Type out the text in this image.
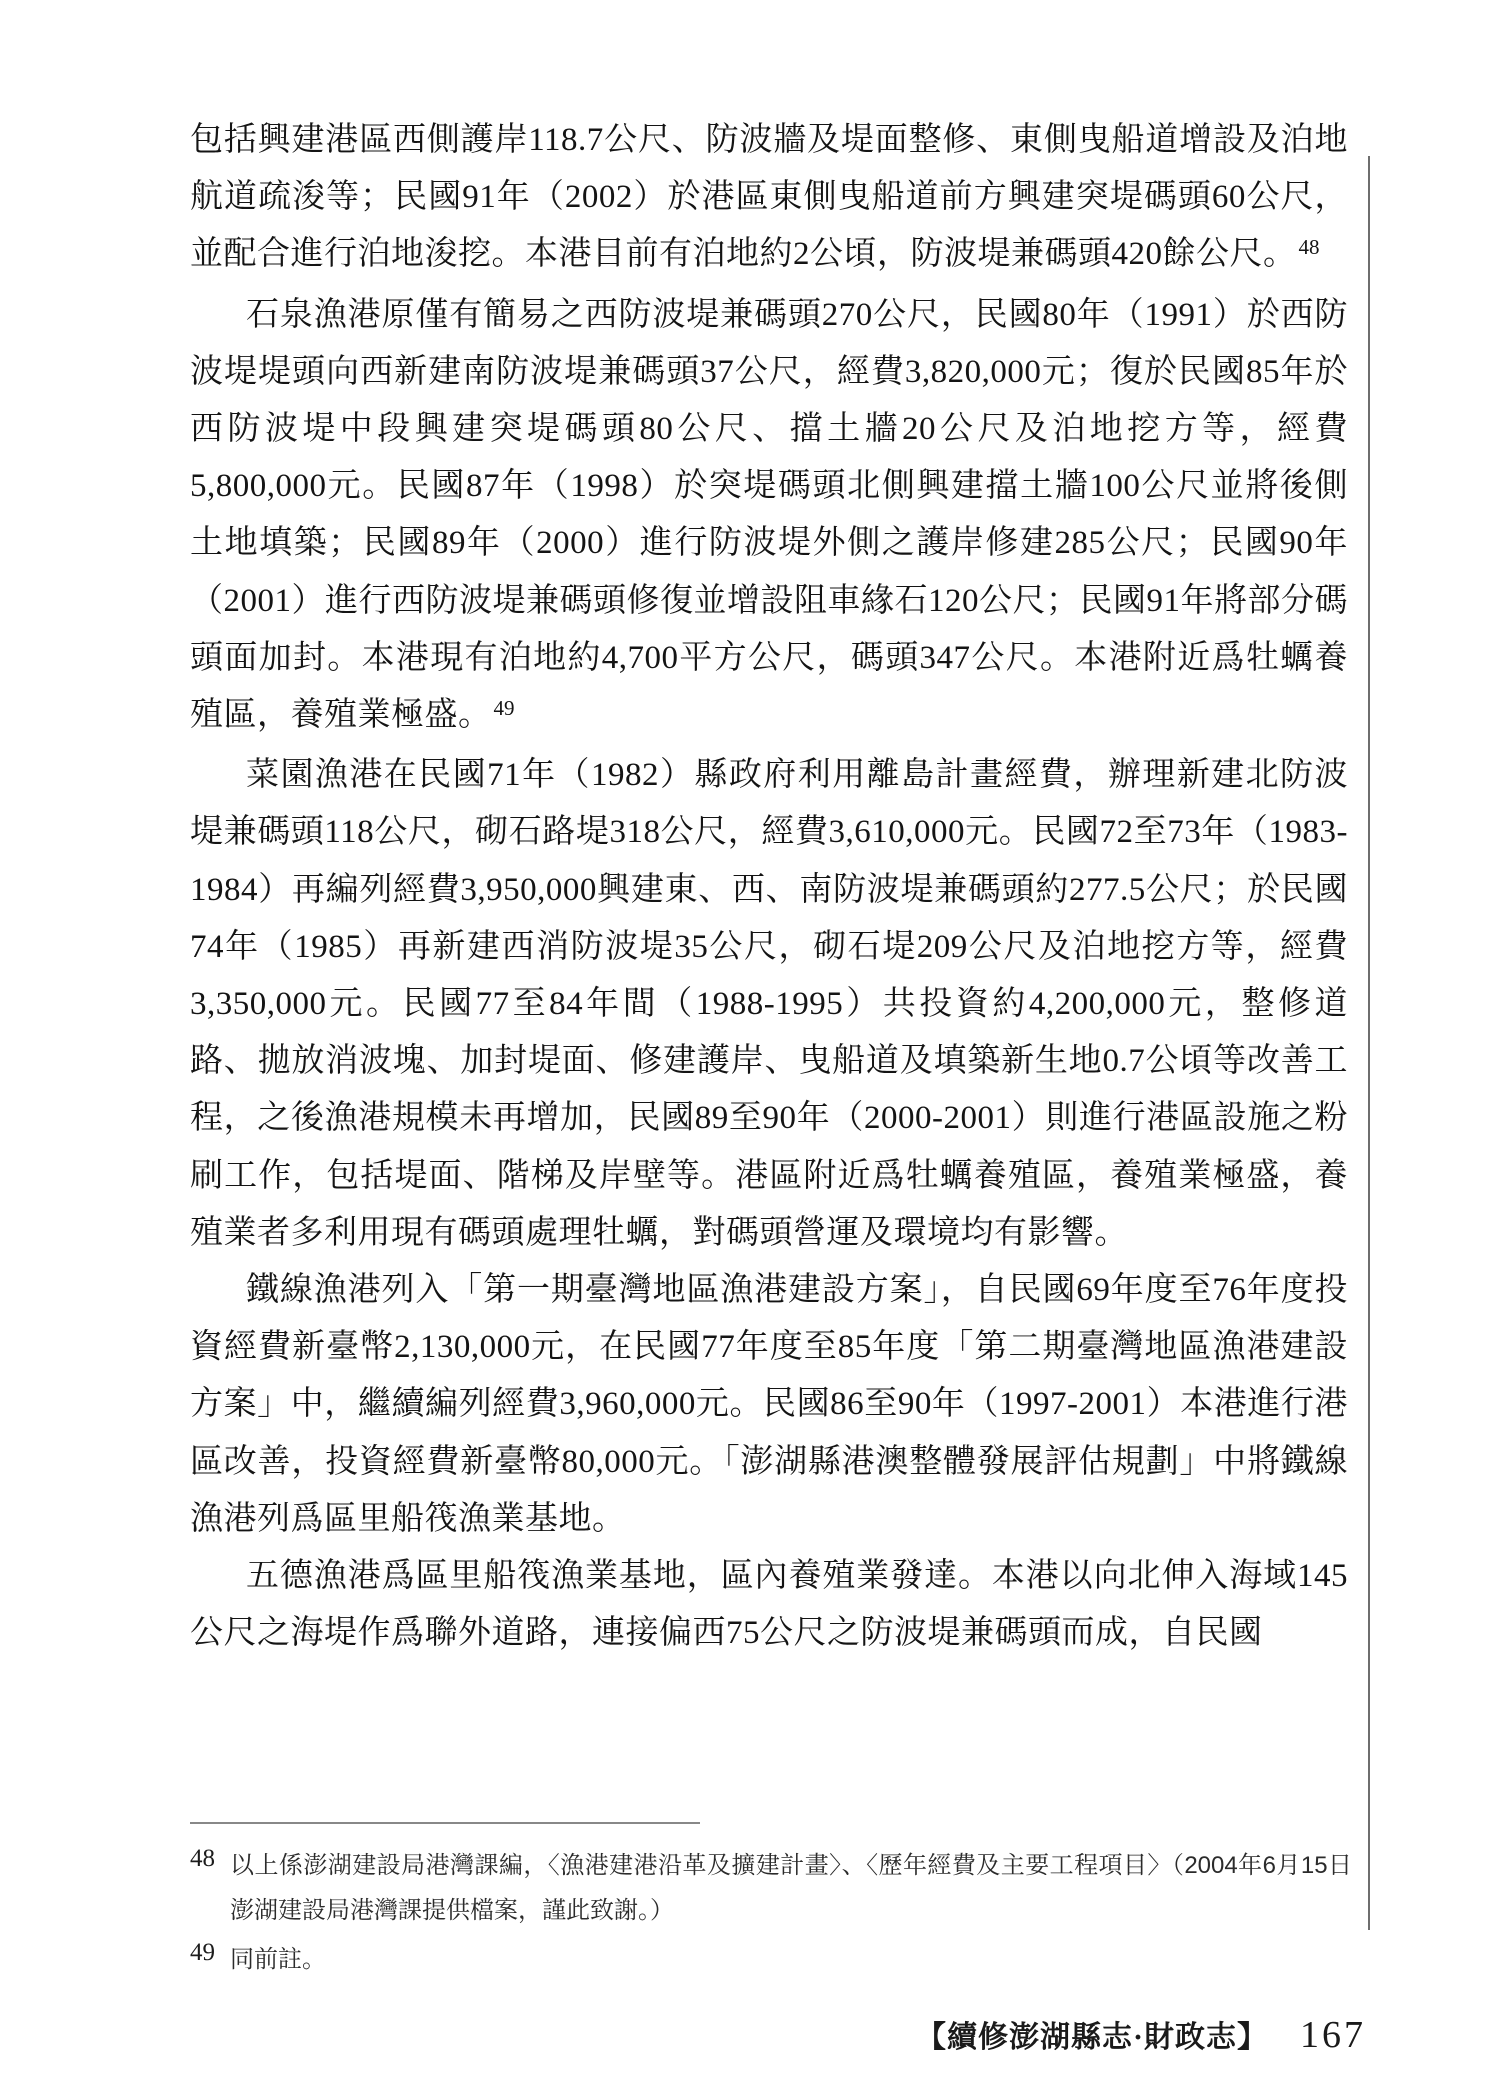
包括興建港區西側護岸118.7公尺、防波牆及堤面整修、東側曳船道增設及泊地航道疏浚等；民國91年（2002）於港區東側曳船道前方興建突堤碼頭60公尺，並配合進行泊地浚挖。本港目前有泊地約2公頃，防波堤兼碼頭420餘公尺。$^{48}$

石泉漁港原僅有簡易之西防波堤兼碼頭270公尺，民國80年（1991）於西防波堤堤頭向西新建南防波堤兼碼頭37公尺，經費3,820,000元；復於民國85年於西防波堤中段興建突堤碼頭80公尺、擋土牆20公尺及泊地挖方等，經費5,800,000元。民國87年（1998）於突堤碼頭北側興建擋土牆100公尺並將後側土地填築；民國89年（2000）進行防波堤外側之護岸修建285公尺；民國90年（2001）進行西防波堤兼碼頭修復並增設阻車緣石120公尺；民國91年將部分碼頭面加封。本港現有泊地約4,700平方公尺，碼頭347公尺。本港附近爲牡蠣養殖區，養殖業極盛。$^{49}$

菜園漁港在民國71年（1982）縣政府利用離島計畫經費，辦理新建北防波堤兼碼頭118公尺，砌石路堤318公尺，經費3,610,000元。民國72至73年（1983-1984）再編列經費3,950,000興建東、西、南防波堤兼碼頭約277.5公尺；於民國74年（1985）再新建西消防波堤35公尺，砌石堤209公尺及泊地挖方等，經費3,350,000元。民國77至84年間（1988-1995）共投資約4,200,000元，整修道路、拋放消波塊、加封堤面、修建護岸、曳船道及填築新生地0.7公頃等改善工程，之後漁港規模未再增加，民國89至90年（2000-2001）則進行港區設施之粉刷工作，包括堤面、階梯及岸壁等。港區附近爲牡蠣養殖區，養殖業極盛，養殖業者多利用現有碼頭處理牡蠣，對碼頭營運及環境均有影響。

鐵線漁港列入「第一期臺灣地區漁港建設方案」，自民國69年度至76年度投資經費新臺幣2,130,000元，在民國77年度至85年度「第二期臺灣地區漁港建設方案」中，繼續編列經費3,960,000元。民國86至90年（1997-2001）本港進行港區改善，投資經費新臺幣80,000元。「澎湖縣港澳整體發展評估規劃」中將鐵線漁港列爲區里船筏漁業基地。

五德漁港爲區里船筏漁業基地，區內養殖業發達。本港以向北伸入海域145公尺之海堤作爲聯外道路，連接偏西75公尺之防波堤兼碼頭而成，自民國

48 以上係澎湖建設局港灣課編，〈漁港建港沿革及擴建計畫〉、〈歷年經費及主要工程項目〉（2004年6月15日澎湖建設局港灣課提供檔案，謹此致謝。）
49 同前註。
【續修澎湖縣志·財政志】 167
